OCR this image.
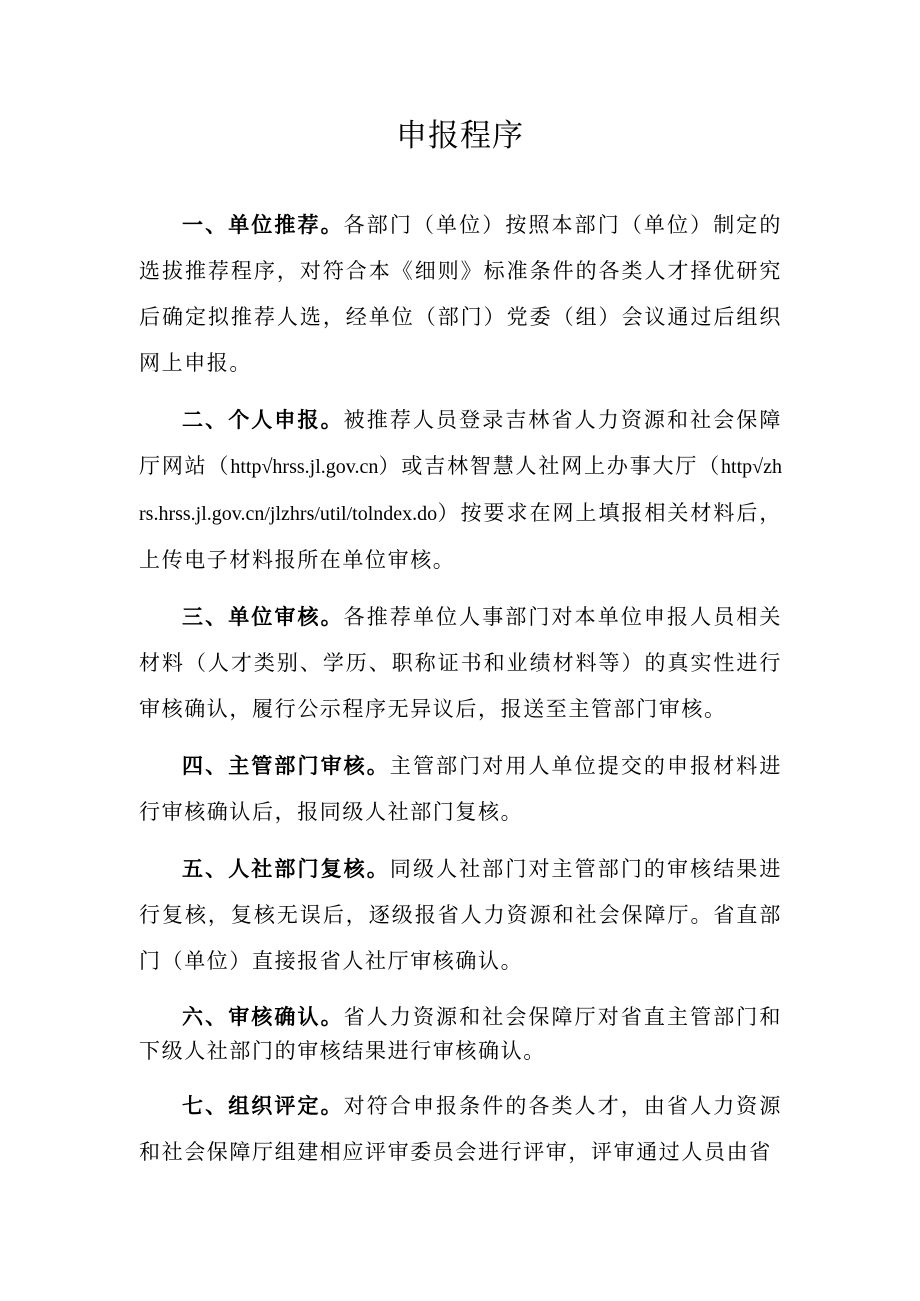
申报程序

一、单位推荐。各部门（单位）按照本部门（单位）制定的选拔推荐程序，对符合本《细则》标准条件的各类人才择优研究后确定拟推荐人选，经单位（部门）党委（组）会议通过后组织网上申报。

二、个人申报。被推荐人员登录吉林省人力资源和社会保障厅网站（http√hrss.jl.gov.cn）或吉林智慧人社网上办事大厅（http√zhrs.hrss.jl.gov.cn/jlzhrs/util/tolndex.do）按要求在网上填报相关材料后，上传电子材料报所在单位审核。

三、单位审核。各推荐单位人事部门对本单位申报人员相关材料（人才类别、学历、职称证书和业绩材料等）的真实性进行审核确认，履行公示程序无异议后，报送至主管部门审核。

四、主管部门审核。主管部门对用人单位提交的申报材料进行审核确认后，报同级人社部门复核。

五、人社部门复核。同级人社部门对主管部门的审核结果进行复核，复核无误后，逐级报省人力资源和社会保障厅。省直部门（单位）直接报省人社厅审核确认。

六、审核确认。省人力资源和社会保障厅对省直主管部门和下级人社部门的审核结果进行审核确认。

七、组织评定。对符合申报条件的各类人才，由省人力资源和社会保障厅组建相应评审委员会进行评审，评审通过人员由省
